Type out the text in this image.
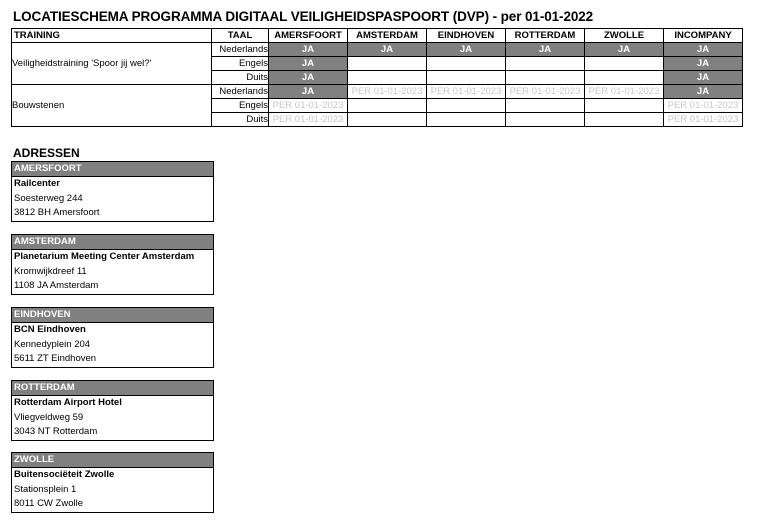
LOCATIESCHEMA PROGRAMMA DIGITAAL VEILIGHEIDSPASPOORT (DVP) - per 01-01-2022
TRAINING	TAAL	AMERSFOORT	AMSTERDAM	EINDHOVEN	ROTTERDAM	ZWOLLE	INCOMPANY
Veiligheidstraining 'Spoor jij wel?'	Nederlands	JA	JA	JA	JA	JA	JA
	Engels	JA					JA
	Duits	JA					JA
Bouwstenen	Nederlands	JA	PER 01-01-2023	PER 01-01-2023	PER 01-01-2023	PER 01-01-2023	JA
	Engels	PER 01-01-2023					PER 01-01-2023
	Duits	PER 01-01-2023					PER 01-01-2023
ADRESSEN
AMERSFOORT
Railcenter
Soesterweg 244
3812 BH Amersfoort
AMSTERDAM
Planetarium Meeting Center Amsterdam
Kromwijkdreef 11
1108 JA Amsterdam
EINDHOVEN
BCN Eindhoven
Kennedyplein 204
5611 ZT Eindhoven
ROTTERDAM
Rotterdam Airport Hotel
Vliegveldweg 59
3043 NT Rotterdam
ZWOLLE
Buitensociëteit Zwolle
Stationsplein 1
8011 CW Zwolle
